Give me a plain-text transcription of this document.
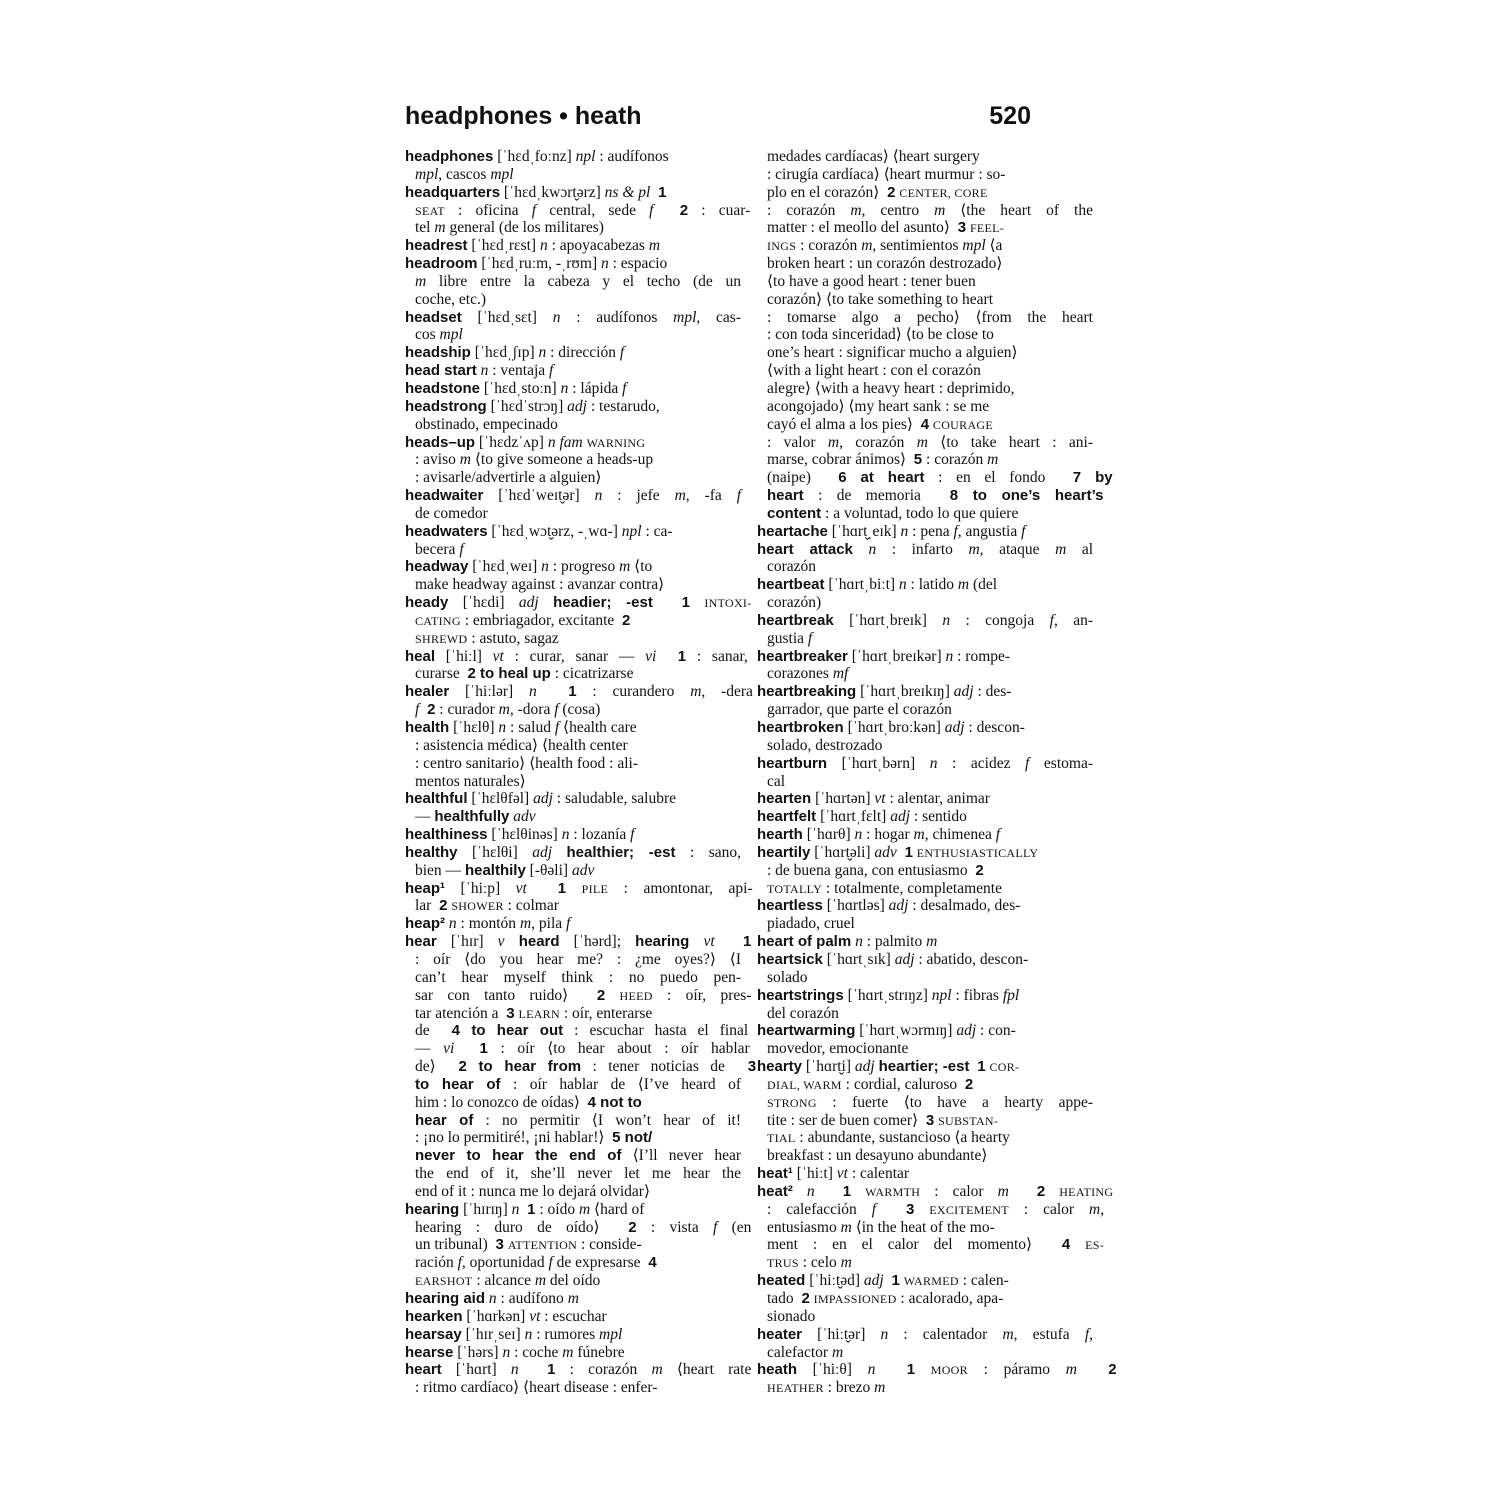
headphones • heath	520
headphones [ˈhɛdˌfoːnz] npl : audífonos
mpl, cascos mpl
headquarters [ˈhɛdˌkwɔrt̬ərz] ns & pl 1
SEAT : oficina f central, sede f 2 : cuar-
tel m general (de los militares)
headrest [ˈhɛdˌrɛst] n : apoyacabezas m
headroom [ˈhɛdˌruːm, -ˌrʊm] n : espacio
m libre entre la cabeza y el techo (de un
coche, etc.)
headset [ˈhɛdˌsɛt] n : audífonos mpl, cas-
cos mpl
headship [ˈhɛdˌʃɪp] n : dirección f
head start n : ventaja f
headstone [ˈhɛdˌstoːn] n : lápida f
headstrong [ˈhɛdˈstrɔŋ] adj : testarudo,
obstinado, empecinado
heads–up [ˈhɛdzˈʌp] n fam WARNING
: aviso m ⟨to give someone a heads-up
: avisarle/advertirle a alguien⟩
headwaiter [ˈhɛdˈweɪt̬ər] n : jefe m, -fa f
de comedor
headwaters [ˈhɛdˌwɔt̬ərz, -ˌwɑ-] npl : ca-
becera f
headway [ˈhɛdˌweɪ] n : progreso m ⟨to
make headway against : avanzar contra⟩
heady [ˈhɛdi] adj headier; -est 1 INTOXI-
CATING : embriagador, excitante  2
SHREWD : astuto, sagaz
heal [ˈhiːl] vt : curar, sanar — vi 1 : sanar,
curarse  2 to heal up : cicatrizarse
healer [ˈhiːlər] n 1 : curandero m, -dera
f 2 : curador m, -dora f (cosa)
health [ˈhɛlθ] n : salud f ⟨health care
: asistencia médica⟩ ⟨health center
: centro sanitario⟩ ⟨health food : ali-
mentos naturales⟩
healthful [ˈhɛlθfəl] adj : saludable, salubre
— healthfully adv
healthiness [ˈhɛlθinəs] n : lozanía f
healthy [ˈhɛlθi] adj healthier; -est : sano,
bien — healthily [-θəli] adv
heap¹ [ˈhiːp] vt 1 PILE : amontonar, api-
lar  2 SHOWER : colmar
heap² n : montón m, pila f
hear [ˈhɪr] v heard [ˈhərd]; hearing vt 1
: oír ⟨do you hear me? : ¿me oyes?⟩ ⟨I
can’t hear myself think : no puedo pen-
sar con tanto ruido⟩  2 HEED : oír, pres-
tar atención a  3 LEARN : oír, enterarse
de  4 to hear out : escuchar hasta el final
— vi 1 : oír ⟨to hear about : oír hablar
de⟩  2 to hear from : tener noticias de  3
to hear of : oír hablar de ⟨I’ve heard of
him : lo conozco de oídas⟩  4 not to
hear of : no permitir ⟨I won’t hear of it!
: ¡no lo permitiré!, ¡ni hablar!⟩  5 not/
never to hear the end of ⟨I’ll never hear
the end of it, she’ll never let me hear the
end of it : nunca me lo dejará olvidar⟩
hearing [ˈhɪrɪŋ] n 1 : oído m ⟨hard of
hearing : duro de oído⟩  2 : vista f (en
un tribunal)  3 ATTENTION : conside-
ración f, oportunidad f de expresarse  4
EARSHOT : alcance m del oído
hearing aid n : audífono m
hearken [ˈhɑrkən] vt : escuchar
hearsay [ˈhɪrˌseɪ] n : rumores mpl
hearse [ˈhərs] n : coche m fúnebre
heart [ˈhɑrt] n 1 : corazón m ⟨heart rate
: ritmo cardíaco⟩ ⟨heart disease : enfer-
medades cardíacas⟩ ⟨heart surgery
: cirugía cardíaca⟩ ⟨heart murmur : so-
plo en el corazón⟩  2 CENTER, CORE
: corazón m, centro m ⟨the heart of the
matter : el meollo del asunto⟩  3 FEEL-
INGS : corazón m, sentimientos mpl ⟨a
broken heart : un corazón destrozado⟩
⟨to have a good heart : tener buen
corazón⟩ ⟨to take something to heart
: tomarse algo a pecho⟩ ⟨from the heart
: con toda sinceridad⟩ ⟨to be close to
one’s heart : significar mucho a alguien⟩
⟨with a light heart : con el corazón
alegre⟩ ⟨with a heavy heart : deprimido,
acongojado⟩ ⟨my heart sank : se me
cayó el alma a los pies⟩  4 COURAGE
: valor m, corazón m ⟨to take heart : ani-
marse, cobrar ánimos⟩  5 : corazón m
(naipe)  6 at heart : en el fondo  7 by
heart : de memoria  8 to one’s heart’s
content : a voluntad, todo lo que quiere
heartache [ˈhɑrt̬ˌeɪk] n : pena f, angustia f
heart attack n : infarto m, ataque m al
corazón
heartbeat [ˈhɑrtˌbiːt] n : latido m (del
corazón)
heartbreak [ˈhɑrtˌbreɪk] n : congoja f, an-
gustia f
heartbreaker [ˈhɑrtˌbreɪkər] n : rompe-
corazones mf
heartbreaking [ˈhɑrtˌbreɪkɪŋ] adj : des-
garrador, que parte el corazón
heartbroken [ˈhɑrtˌbroːkən] adj : descon-
solado, destrozado
heartburn [ˈhɑrtˌbərn] n : acidez f estoma-
cal
hearten [ˈhɑrtən] vt : alentar, animar
heartfelt [ˈhɑrtˌfɛlt] adj : sentido
hearth [ˈhɑrθ] n : hogar m, chimenea f
heartily [ˈhɑrt̬əli] adv 1 ENTHUSIASTICALLY
: de buena gana, con entusiasmo  2
TOTALLY : totalmente, completamente
heartless [ˈhɑrtləs] adj : desalmado, des-
piadado, cruel
heart of palm n : palmito m
heartsick [ˈhɑrtˌsɪk] adj : abatido, descon-
solado
heartstrings [ˈhɑrtˌstrɪŋz] npl : fibras fpl
del corazón
heartwarming [ˈhɑrtˌwɔrmɪŋ] adj : con-
movedor, emocionante
hearty [ˈhɑrt̬i] adj heartier; -est 1 COR-
DIAL, WARM : cordial, caluroso  2
STRONG : fuerte ⟨to have a hearty appe-
tite : ser de buen comer⟩  3 SUBSTAN-
TIAL : abundante, sustancioso ⟨a hearty
breakfast : un desayuno abundante⟩
heat¹ [ˈhiːt] vt : calentar
heat² n 1 WARMTH : calor m 2 HEATING
: calefacción f 3 EXCITEMENT : calor m,
entusiasmo m ⟨in the heat of the mo-
ment : en el calor del momento⟩  4 ES-
TRUS : celo m
heated [ˈhiːt̬əd] adj 1 WARMED : calen-
tado  2 IMPASSIONED : acalorado, apa-
sionado
heater [ˈhiːt̬ər] n : calentador m, estufa f,
calefactor m
heath [ˈhiːθ] n 1 MOOR : páramo m 2
HEATHER : brezo m
